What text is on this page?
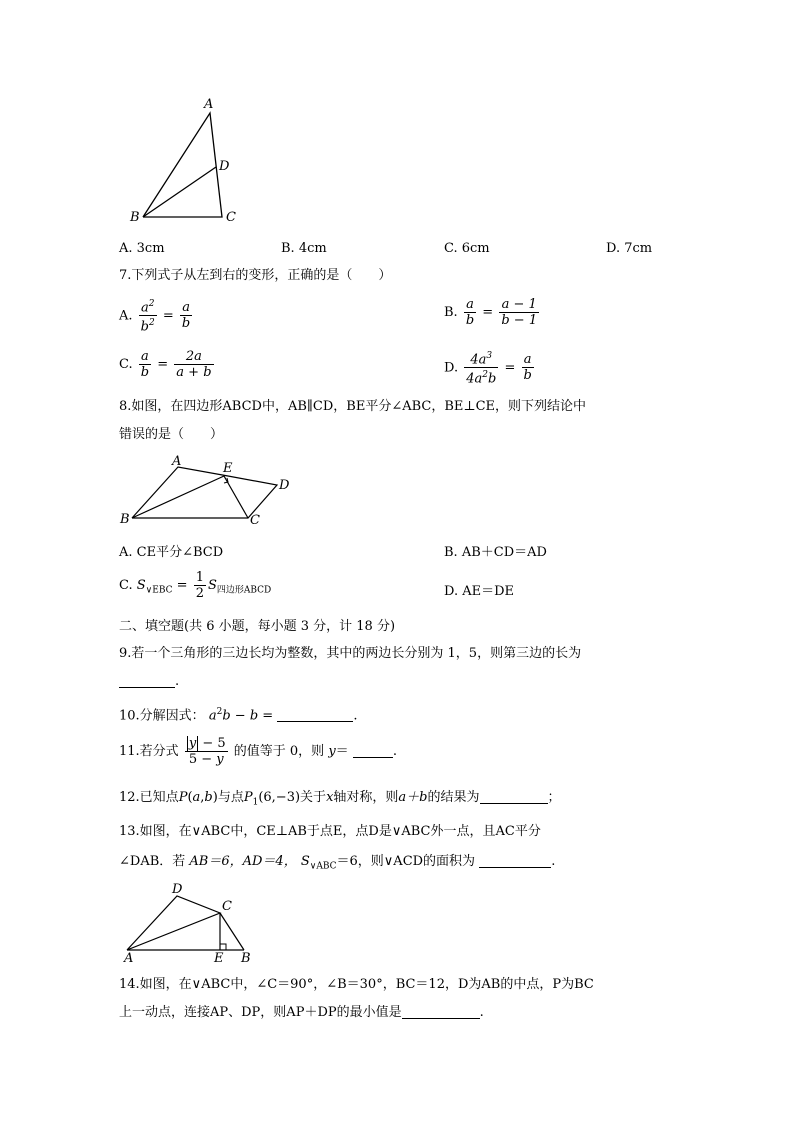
A
D
B	C
A. 3cm	B. 4cm	C. 6cm	D. 7cm
7.下列式子从左到右的变形，正确的是（　　）
A. $\frac{a^2}{b^2} = \frac{a}{b}$	B. $\frac{a}{b} = \frac{a - 1}{b - 1}$
C. $\frac{a}{b} = \frac{2a}{a + b}$	D. $\frac{4a^3}{4a^2b} = \frac{a}{b}$
8.如图，在四边形ABCD中，AB∥CD，BE平分∠ABC，BE⊥CE，则下列结论中
错误的是（　　）
A	E
D
B	C
A. CE平分∠BCD	B. AB＋CD＝AD
C. $S_{\vee EBC} = \frac{1}{2} S_{四边形ABCD}$	D. AE＝DE
二、填空题(共 6 小题，每小题 3 分，计 18 分)
9.若一个三角形的三边长均为整数，其中的两边长分别为 1，5，则第三边的长为
.
10.分解因式： $a^2b - b$ =	.
11.若分式 $\frac{y - 5}{5 - y}$ 的值等于 0，则 y＝	.
12.已知点P(a,b)与点$P_1(6,-3)$关于x轴对称，则a＋b的结果为	；
13.如图，在∨ABC中，CE⊥AB于点E，点D是∨ABC外一点，且AC平分
∠DAB．若 AB＝6，AD＝4， $S_{\vee ABC}=6$，则∨ACD的面积为	.
D
C
A	E B
14.如图，在∨ABC中，∠C＝90°，∠B＝30°，BC＝12，D为AB的中点，P为BC
上一动点，连接AP、DP，则AP＋DP的最小值是	.
